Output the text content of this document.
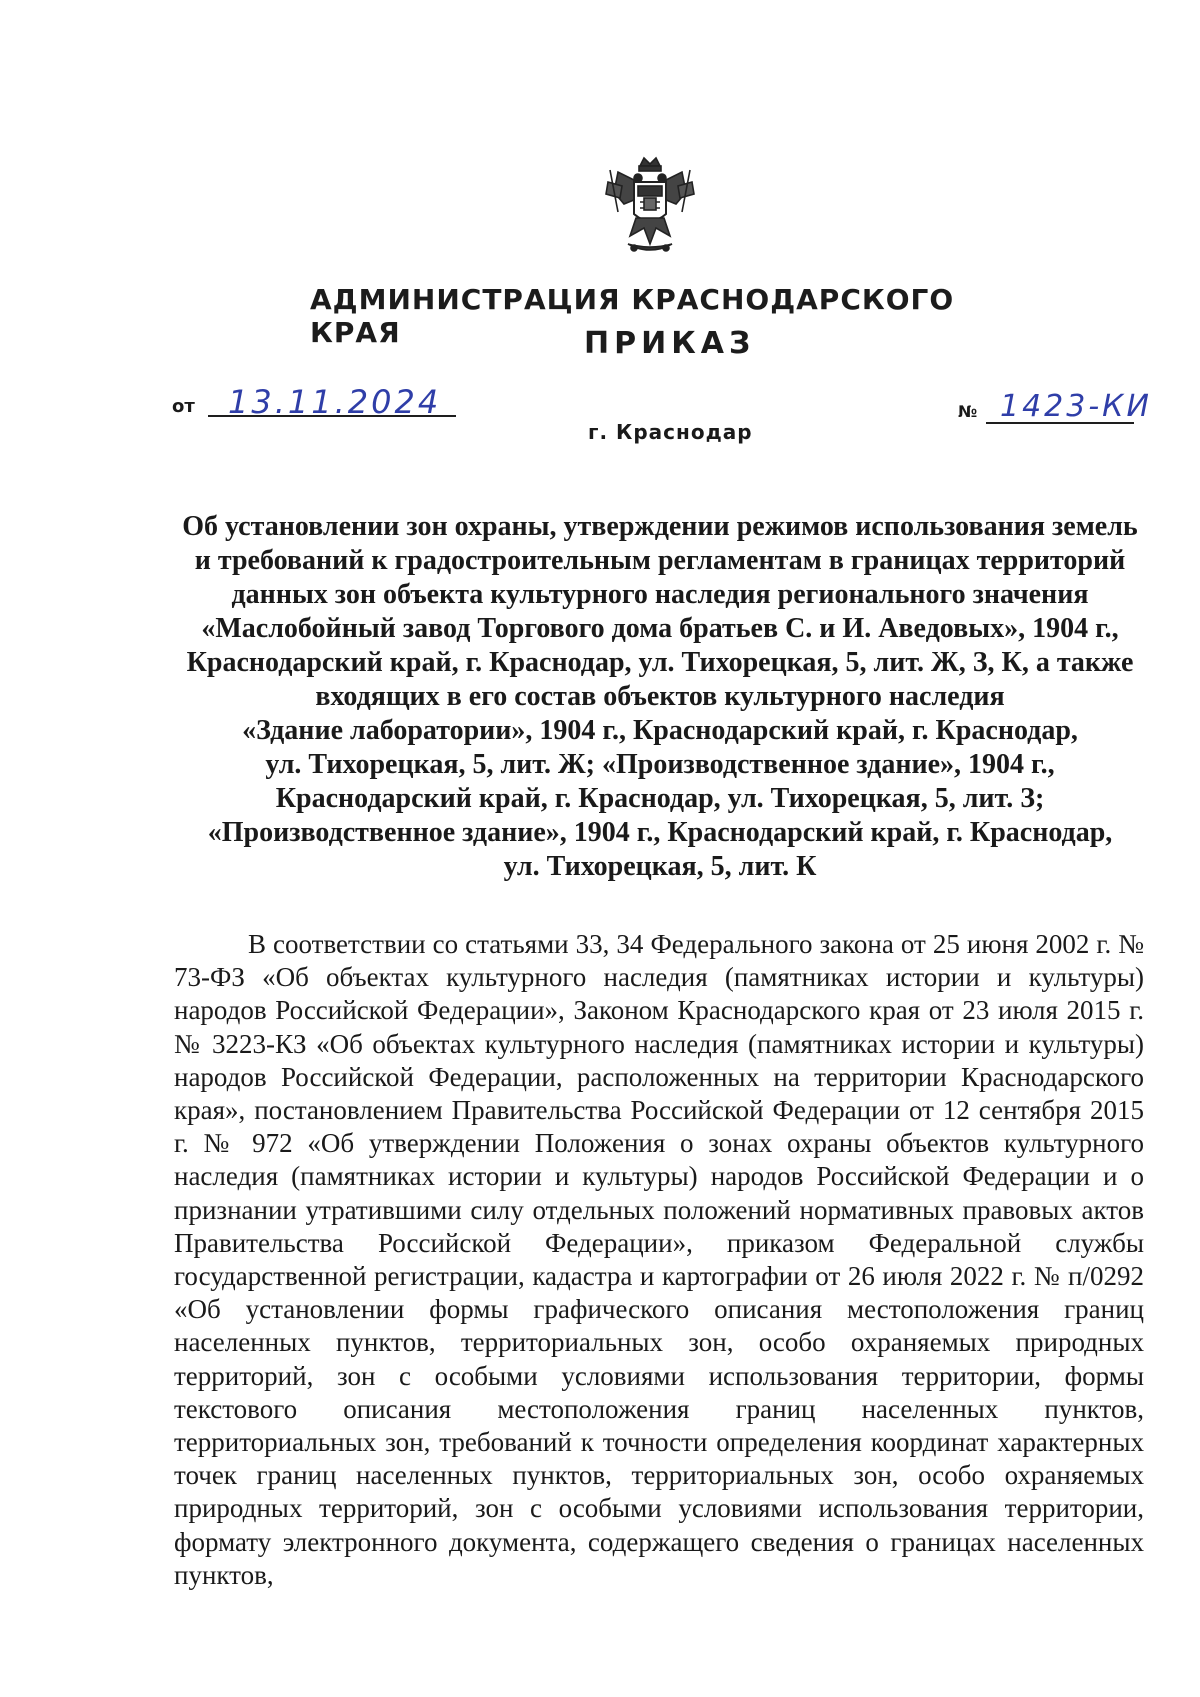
АДМИНИСТРАЦИЯ КРАСНОДАРСКОГО КРАЯ	ПРИКАЗ
от 13.11.2024
г. Краснодар
№ 1423-КИ
Об установлении зон охраны, утверждении режимов использования земель
и требований к градостроительным регламентам в границах территорий
данных зон объекта культурного наследия регионального значения
«Маслобойный завод Торгового дома братьев С. и И. Аведовых», 1904 г.,
Краснодарский край, г. Краснодар, ул. Тихорецкая, 5, лит. Ж, З, К, а также
входящих в его состав объектов культурного наследия
«Здание лаборатории», 1904 г., Краснодарский край, г. Краснодар,
ул. Тихорецкая, 5, лит. Ж; «Производственное здание», 1904 г.,
Краснодарский край, г. Краснодар, ул. Тихорецкая, 5, лит. З;
«Производственное здание», 1904 г., Краснодарский край, г. Краснодар,
ул. Тихорецкая, 5, лит. К

В соответствии со статьями 33, 34 Федерального закона от 25 июня 2002 г. № 73-ФЗ «Об объектах культурного наследия (памятниках истории и культуры) народов Российской Федерации», Законом Краснодарского края от 23 июля 2015 г. № 3223-КЗ «Об объектах культурного наследия (памятниках истории и культуры) народов Российской Федерации, расположенных на территории Краснодарского края», постановлением Правительства Российской Федерации от 12 сентября 2015 г. № 972 «Об утверждении Положения о зонах охраны объектов культурного наследия (памятниках истории и культуры) народов Российской Федерации и о признании утратившими силу отдельных положений нормативных правовых актов Правительства Российской Федерации», приказом Федеральной службы государственной регистрации, кадастра и картографии от 26 июля 2022 г. № п/0292 «Об установлении формы графического описания местоположения границ населенных пунктов, территориальных зон, особо охраняемых природных территорий, зон с особыми условиями использования территории, формы текстового описания местоположения границ населенных пунктов, территориальных зон, требований к точности определения координат характерных точек границ населенных пунктов, территориальных зон, особо охраняемых природных территорий, зон с особыми условиями использования территории, формату электронного документа, содержащего сведения о границах населенных пунктов,
